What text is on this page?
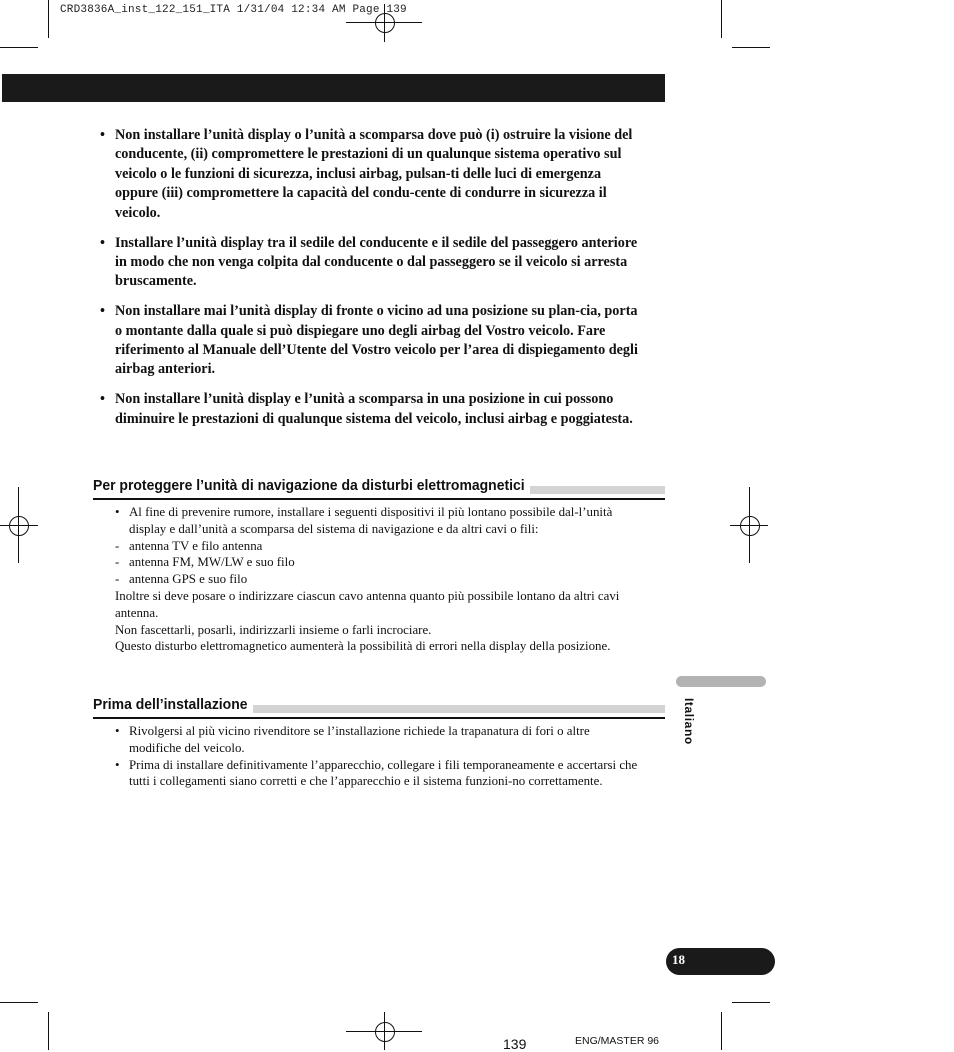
CRD3836A_inst_122_151_ITA 1/31/04 12:34 AM Page 139
• Non installare l’unità display o l’unità a scomparsa dove può (i) ostruire la visione del conducente, (ii) compromettere le prestazioni di un qualunque sistema operativo sul veicolo o le funzioni di sicurezza, inclusi airbag, pulsan-ti delle luci di emergenza oppure (iii) compromettere la capacità del condu-cente di condurre in sicurezza il veicolo.
• Installare l’unità display tra il sedile del conducente e il sedile del passeggero anteriore in modo che non venga colpita dal conducente o dal passeggero se il veicolo si arresta bruscamente.
• Non installare mai l’unità display di fronte o vicino ad una posizione su plan-cia, porta o montante dalla quale si può dispiegare uno degli airbag del Vostro veicolo. Fare riferimento al Manuale dell’Utente del Vostro veicolo per l’area di dispiegamento degli airbag anteriori.
• Non installare l’unità display e l’unità a scomparsa in una posizione in cui possono diminuire le prestazioni di qualunque sistema del veicolo, inclusi airbag e poggiatesta.
Per proteggere l’unità di navigazione da disturbi elettromagnetici
• Al fine di prevenire rumore, installare i seguenti dispositivi il più lontano possibile dal-l’unità display e dall’unità a scomparsa del sistema di navigazione e da altri cavi o fili:
- antenna TV e filo antenna
- antenna FM, MW/LW e suo filo
- antenna GPS e suo filo
Inoltre si deve posare o indirizzare ciascun cavo antenna quanto più possibile lontano da altri cavi antenna.
Non fascettarli, posarli, indirizzarli insieme o farli incrociare.
Questo disturbo elettromagnetico aumenterà la possibilità di errori nella display della posizione.
Prima dell’installazione
• Rivolgersi al più vicino rivenditore se l’installazione richiede la trapanatura di fori o altre modifiche del veicolo.
• Prima di installare definitivamente l’apparecchio, collegare i fili temporaneamente e accertarsi che tutti i collegamenti siano corretti e che l’apparecchio e il sistema funzioni-no correttamente.
Italiano
18
139	ENG/MASTER 96
